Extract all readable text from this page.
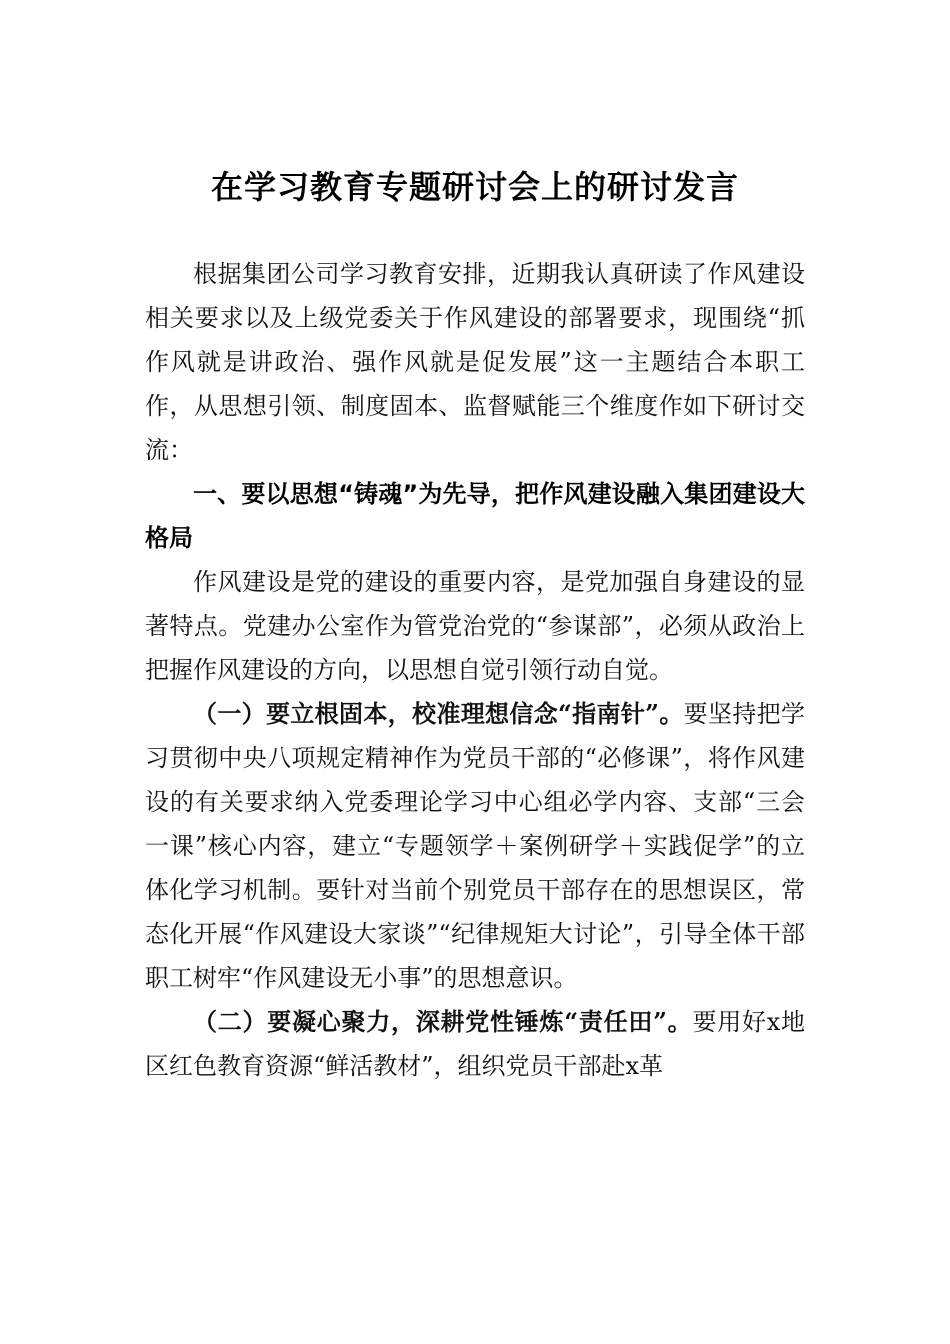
在学习教育专题研讨会上的研讨发言

根据集团公司学习教育安排，近期我认真研读了作风建设相关要求以及上级党委关于作风建设的部署要求，现围绕“抓作风就是讲政治、强作风就是促发展”这一主题结合本职工作，从思想引领、制度固本、监督赋能三个维度作如下研讨交流：

一、要以思想“铸魂”为先导，把作风建设融入集团建设大格局

作风建设是党的建设的重要内容，是党加强自身建设的显著特点。党建办公室作为管党治党的“参谋部”，必须从政治上把握作风建设的方向，以思想自觉引领行动自觉。

（一）要立根固本，校准理想信念“指南针”。要坚持把学习贯彻中央八项规定精神作为党员干部的“必修课”，将作风建设的有关要求纳入党委理论学习中心组必学内容、支部“三会一课”核心内容，建立“专题领学＋案例研学＋实践促学”的立体化学习机制。要针对当前个别党员干部存在的思想误区，常态化开展“作风建设大家谈”“纪律规矩大讨论”，引导全体干部职工树牢“作风建设无小事”的思想意识。

（二）要凝心聚力，深耕党性锤炼“责任田”。要用好x地区红色教育资源“鲜活教材”，组织党员干部赴x革
